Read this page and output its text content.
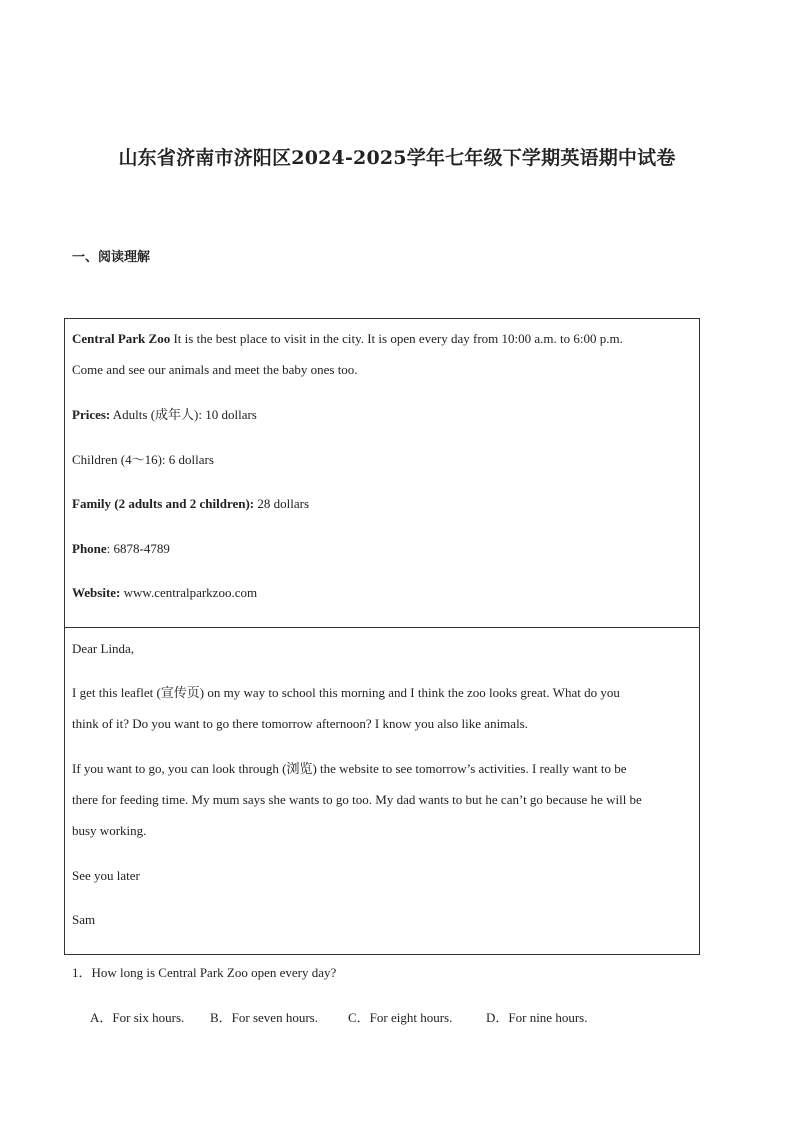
山东省济南市济阳区2024-2025学年七年级下学期英语期中试卷
一、阅读理解
Central Park Zoo It is the best place to visit in the city. It is open every day from 10:00 a.m. to 6:00 p.m.
Come and see our animals and meet the baby ones too.
Prices: Adults (成年人): 10 dollars
Children (4～16): 6 dollars
Family (2 adults and 2 children): 28 dollars
Phone: 6878-4789
Website: www.centralparkzoo.com
Dear Linda,
I get this leaflet (宣传页) on my way to school this morning and I think the zoo looks great. What do you
think of it? Do you want to go there tomorrow afternoon? I know you also like animals.
If you want to go, you can look through (浏览) the website to see tomorrow’s activities. I really want to be
there for feeding time. My mum says she wants to go too. My dad wants to but he can’t go because he will be
busy working.
See you later
Sam
1．How long is Central Park Zoo open every day?
A．For six hours. B．For seven hours. C．For eight hours.	D．For nine hours.
